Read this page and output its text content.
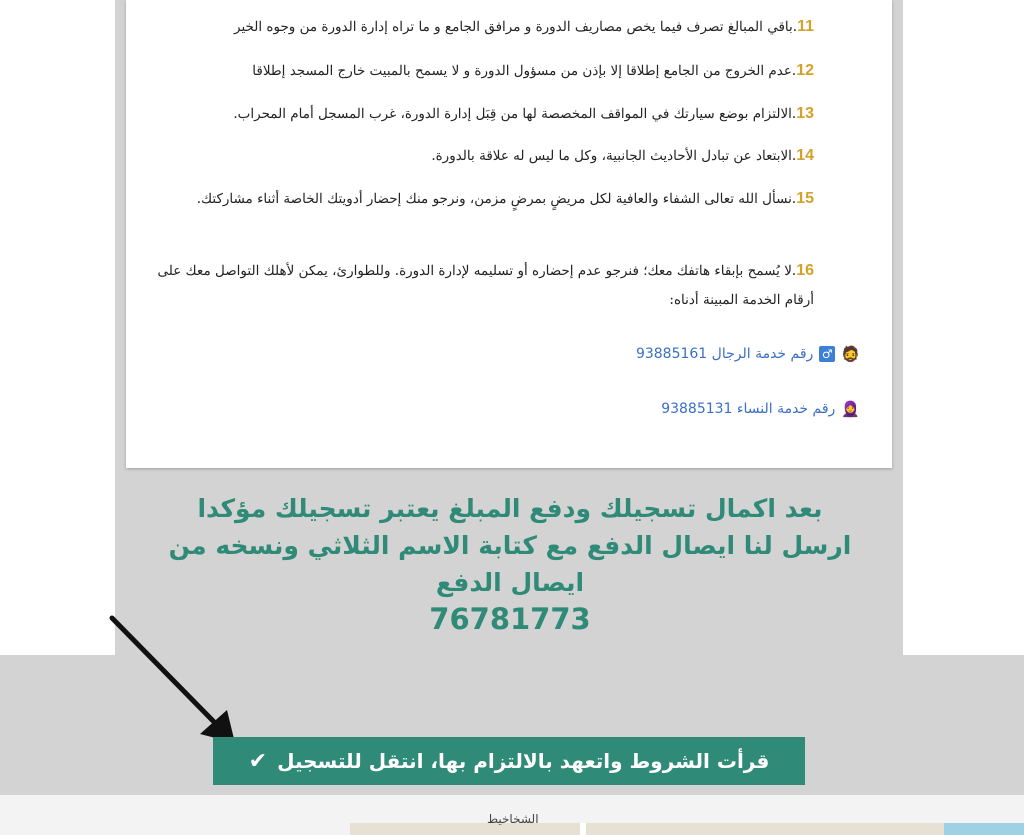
11.باقي المبالغ تصرف فيما يخص مصاريف الدورة و مرافق الجامع و ما تراه إدارة الدورة من وجوه الخير
12.عدم الخروج من الجامع إطلاقا إلا بإذن من مسؤول الدورة و لا يسمح بالمبيت خارج المسجد إطلاقا
13.الالتزام بوضع سيارتك في المواقف المخصصة لها من قِبَل إدارة الدورة، غرب المسجل أمام المحراب.
14.الابتعاد عن تبادل الأحاديث الجانبية، وكل ما ليس له علاقة بالدورة.
15.نسأل الله تعالى الشفاء والعافية لكل مريضٍ بمرضٍ مزمن، ونرجو منك إحضار أدويتك الخاصة أثناء مشاركتك.
16.لا يُسمح بإبقاء هاتفك معك؛ فنرجو عدم إحضاره أو تسليمه لإدارة الدورة. وللطوارئ، يمكن لأهلك التواصل معك على أرقام الخدمة المبينة أدناه:
🧔
♂
رقم خدمة الرجال 93885161
🧕
رقم خدمة النساء 93885131
بعد اكمال تسجيلك ودفع المبلغ يعتبر تسجيلك مؤكدا
ارسل لنا ايصال الدفع مع كتابة الاسم الثلاثي ونسخه من
ايصال الدفع
76781773
قرأت الشروط واتعهد بالالتزام بها، انتقل للتسجيل
✔
الشخاخيط
